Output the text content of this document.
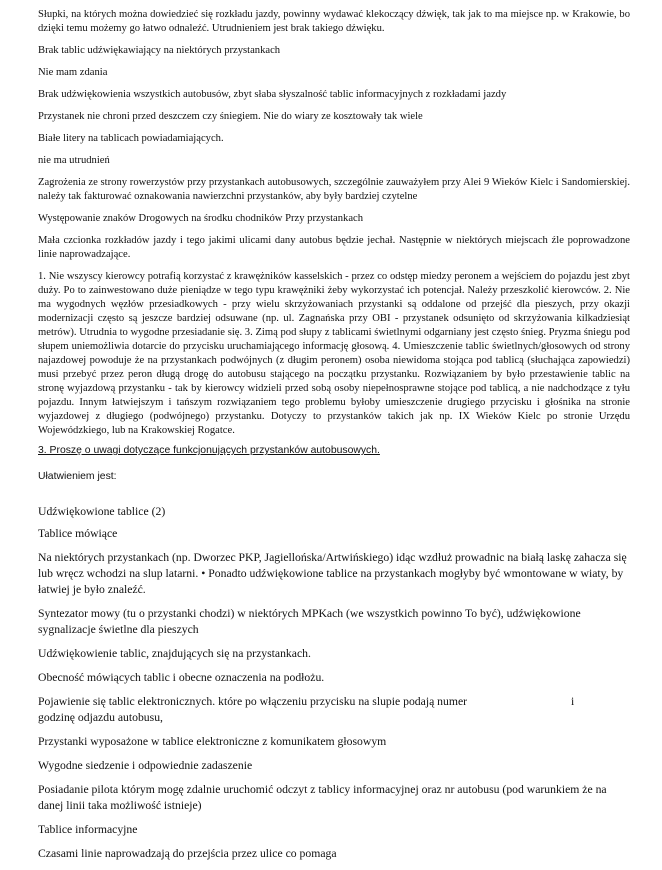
Słupki, na których można dowiedzieć się rozkładu jazdy, powinny wydawać klekoczący dźwięk, tak jak to ma miejsce np. w Krakowie, bo dzięki temu możemy go łatwo odnaleźć. Utrudnieniem jest brak takiego dźwięku.

Brak tablic udźwiękawiający na niektórych przystankach

Nie mam zdania

Brak udźwiękowienia wszystkich autobusów, zbyt słaba słyszalność tablic informacyjnych z rozkładami jazdy

Przystanek nie chroni przed deszczem czy śniegiem. Nie do wiary ze kosztowały tak wiele

Białe litery na tablicach powiadamiających.

nie ma utrudnień

Zagrożenia ze strony rowerzystów przy przystankach autobusowych, szczególnie zauważyłem przy Alei 9 Wieków Kielc i Sandomierskiej. należy tak fakturować oznakowania nawierzchni przystanków, aby były bardziej czytelne

Występowanie znaków Drogowych na środku chodników Przy przystankach

Mała czcionka rozkładów jazdy i tego jakimi ulicami dany autobus będzie jechał. Następnie w niektórych miejscach źle poprowadzone linie naprowadzające.

1. Nie wszyscy kierowcy potrafią korzystać z krawężników kasselskich - przez co odstęp miedzy peronem a wejściem do pojazdu jest zbyt duży. Po to zainwestowano duże pieniądze w tego typu krawężniki żeby wykorzystać ich potencjał. Należy przeszkolić kierowców. 2. Nie ma wygodnych węzłów przesiadkowych - przy wielu skrzyżowaniach przystanki są oddalone od przejść dla pieszych, przy okazji modernizacji często są jeszcze bardziej odsuwane (np. ul. Zagnańska przy OBI - przystanek odsunięto od skrzyżowania kilkadziesiąt metrów). Utrudnia to wygodne przesiadanie się. 3. Zimą pod słupy z tablicami świetlnymi odgarniany jest często śnieg. Pryzma śniegu pod słupem uniemożliwia dotarcie do przycisku uruchamiającego informację głosową. 4. Umieszczenie tablic świetlnych/głosowych od strony najazdowej powoduje że na przystankach podwójnych (z długim peronem) osoba niewidoma stojąca pod tablicą (słuchająca zapowiedzi) musi przebyć przez peron długą drogę do autobusu stającego na początku przystanku. Rozwiązaniem by było przestawienie tablic na stronę wyjazdową przystanku - tak by kierowcy widzieli przed sobą osoby niepełnosprawne stojące pod tablicą, a nie nadchodzące z tyłu pojazdu. Innym łatwiejszym i tańszym rozwiązaniem tego problemu byłoby umieszczenie drugiego przycisku i głośnika na stronie wyjazdowej z długiego (podwójnego) przystanku. Dotyczy to przystanków takich jak np. IX Wieków Kielc po stronie Urzędu Wojewódzkiego, lub na Krakowskiej Rogatce.

3. Proszę o uwagi dotyczące funkcjonujących przystanków autobusowych.
Ułatwieniem jest:

Udźwiękowione tablice (2)

Tablice mówiące

Na niektórych przystankach (np. Dworzec PKP, Jagiellońska/Artwińskiego) idąc wzdłuż prowadnic na białą laskę zahacza się lub wręcz wchodzi na slup latarni. • Ponadto udźwiękowione tablice na przystankach mogłyby być wmontowane w wiaty, by łatwiej je było znaleźć.

Syntezator mowy (tu o przystanki chodzi) w niektórych MPKach (we wszystkich powinno To być), udźwiękowione sygnalizacje świetlne dla pieszych

Udźwiękowienie tablic, znajdujących się na przystankach.

Obecność mówiących tablic i obecne oznaczenia na podłożu.

Pojawienie się tablic elektronicznych. które po włączeniu przycisku na slupie podają numer	i

godzinę odjazdu autobusu,

Przystanki wyposażone w tablice elektroniczne z komunikatem głosowym

Wygodne siedzenie i odpowiednie zadaszenie

Posiadanie pilota którym mogę zdalnie uruchomić odczyt z tablicy informacyjnej oraz nr autobusu (pod warunkiem że na danej linii taka możliwość istnieje)

Tablice informacyjne

Czasami linie naprowadzają do przejścia przez ulice co pomaga
